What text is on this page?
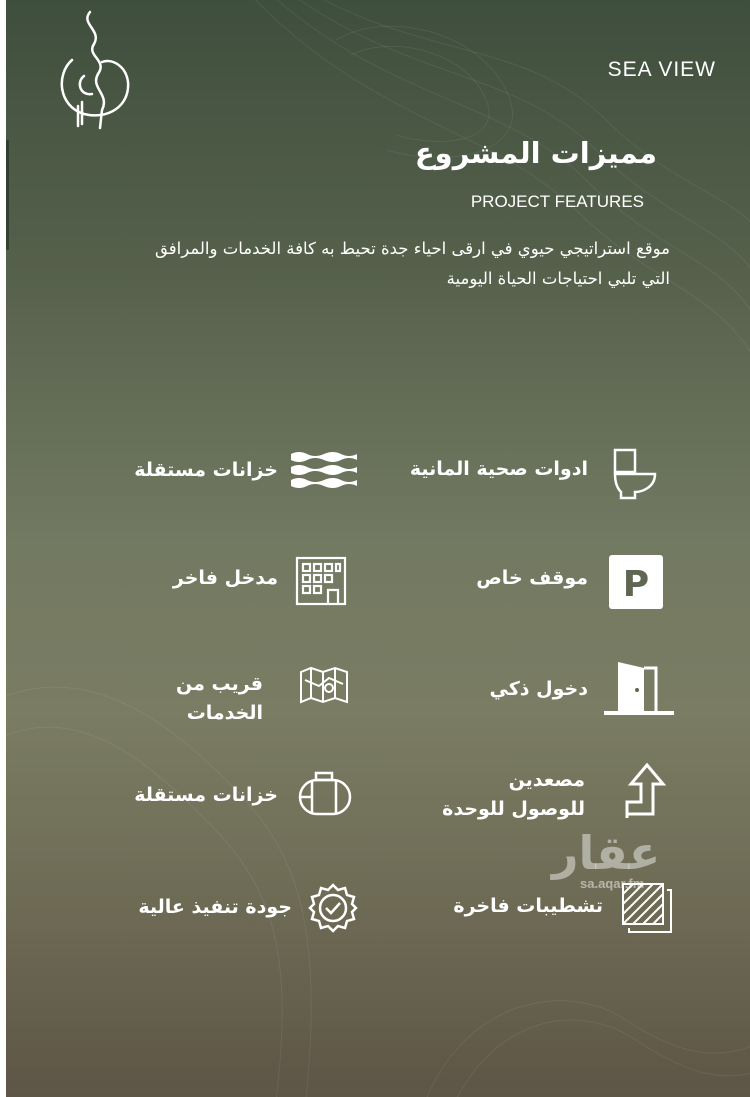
SEA VIEW
مميزات المشروع
PROJECT FEATURES
موقع استراتيجي حيوي في ارقى احياء جدة تحيط به كافة الخدمات والمرافق
التي تلبي احتياجات الحياة اليومية
ادوات صحية المانية
خزانات مستقلة
موقف خاص P
مدخل فاخر
دخول ذكي
قريب من
الخدمات
مصعدين
للوصول للوحدة
خزانات مستقلة
تشطيبات فاخرة
جودة تنفيذ عالية
عقار
sa.aqar.fm
